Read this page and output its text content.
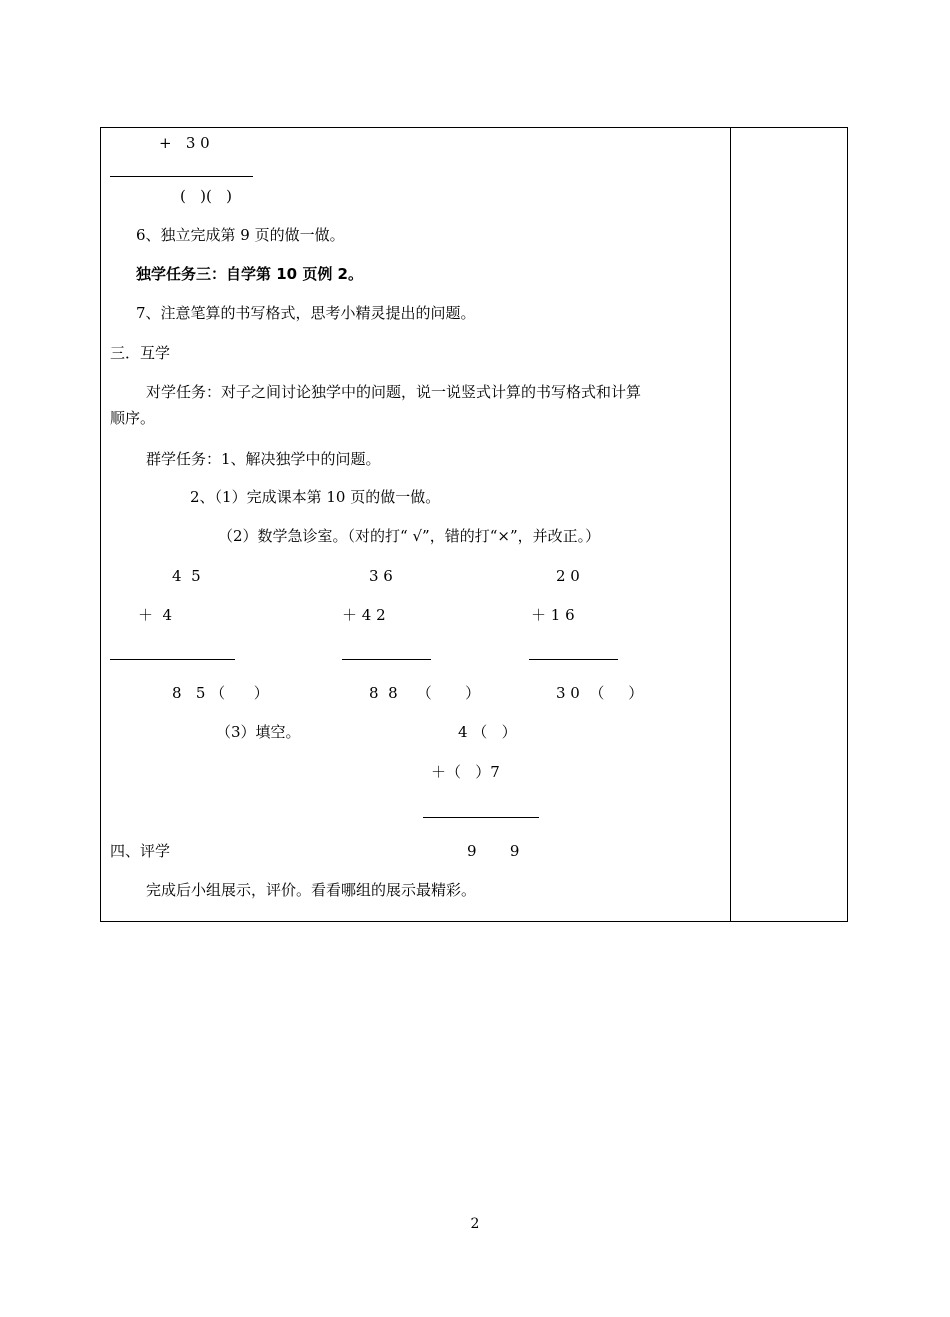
+   3 0
(   )(   )
6、独立完成第 9 页的做一做。
独学任务三：自学第 10 页例 2。
7、注意笔算的书写格式，思考小精灵提出的问题。
三．互学
对学任务：对子之间讨论独学中的问题，说一说竖式计算的书写格式和计算
顺序。
群学任务：1、解决独学中的问题。
2、（1）完成课本第 10 页的做一做。
（2）数学急诊室。（对的打“ √”，错的打“×”，并改正。）
4  5
＋  4
8   5 （      ）
3 6
＋ 4 2
8  8    （       ）
2 0
＋ 1 6
3 0  （     ）
（3）填空。	4 （   ）
＋（   ）7
四、评学	9       9
完成后小组展示，评价。看看哪组的展示最精彩。
2
